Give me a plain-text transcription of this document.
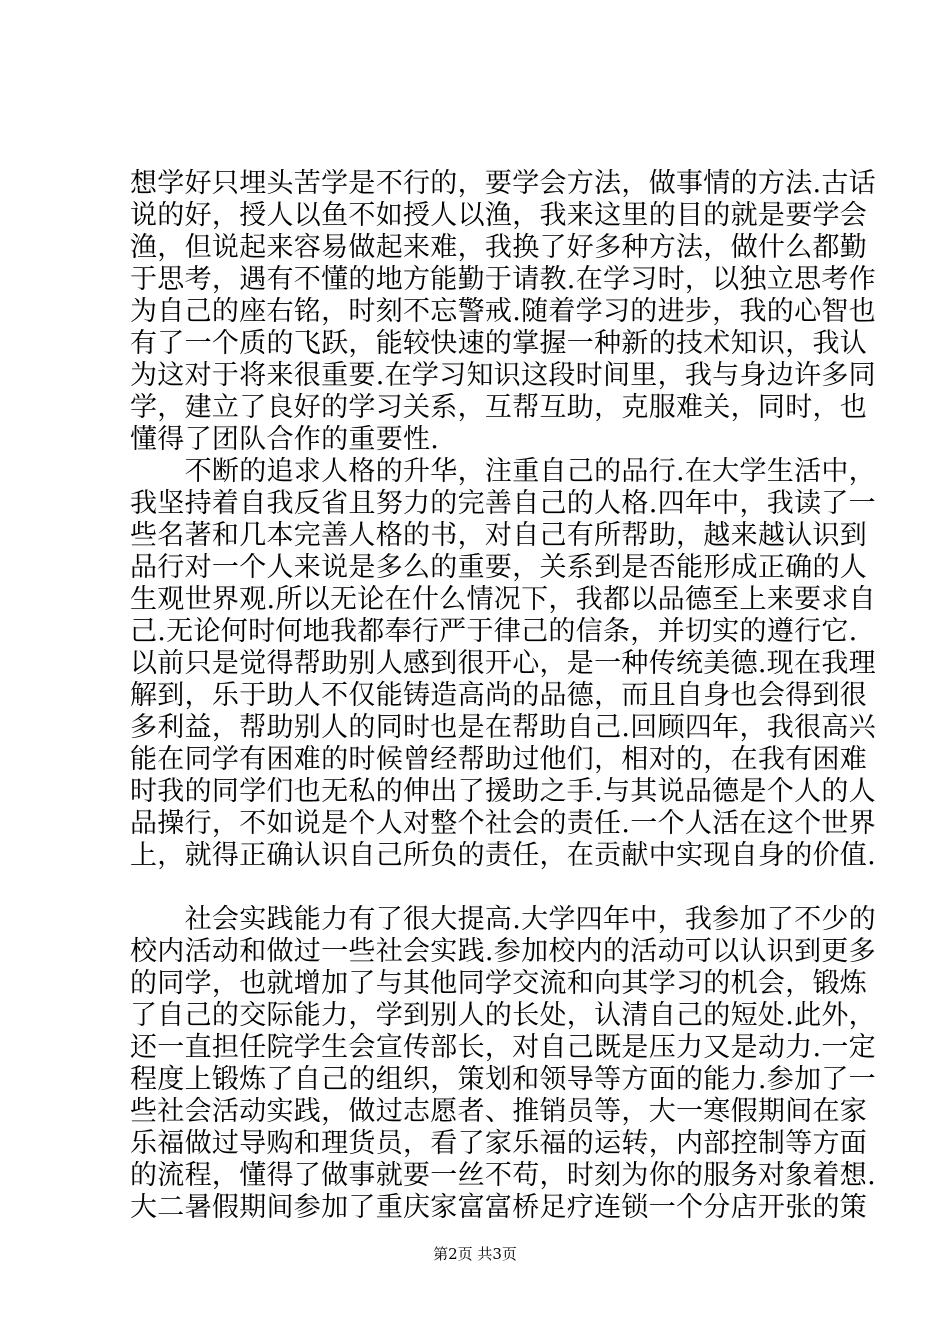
想学好只埋头苦学是不行的，要学会方法，做事情的方法.古话
说的好，授人以鱼不如授人以渔，我来这里的目的就是要学会
渔，但说起来容易做起来难，我换了好多种方法，做什么都勤
于思考，遇有不懂的地方能勤于请教.在学习时，以独立思考作
为自己的座右铭，时刻不忘警戒.随着学习的进步，我的心智也
有了一个质的飞跃，能较快速的掌握一种新的技术知识，我认
为这对于将来很重要.在学习知识这段时间里，我与身边许多同
学，建立了良好的学习关系，互帮互助，克服难关，同时，也
懂得了团队合作的重要性.
　　不断的追求人格的升华，注重自己的品行.在大学生活中，
我坚持着自我反省且努力的完善自己的人格.四年中，我读了一
些名著和几本完善人格的书，对自己有所帮助，越来越认识到
品行对一个人来说是多么的重要，关系到是否能形成正确的人
生观世界观.所以无论在什么情况下，我都以品德至上来要求自
己.无论何时何地我都奉行严于律己的信条，并切实的遵行它.
以前只是觉得帮助别人感到很开心，是一种传统美德.现在我理
解到，乐于助人不仅能铸造高尚的品德，而且自身也会得到很
多利益，帮助别人的同时也是在帮助自己.回顾四年，我很高兴
能在同学有困难的时候曾经帮助过他们，相对的，在我有困难
时我的同学们也无私的伸出了援助之手.与其说品德是个人的人
品操行，不如说是个人对整个社会的责任.一个人活在这个世界
上，就得正确认识自己所负的责任，在贡献中实现自身的价值.
　　社会实践能力有了很大提高.大学四年中，我参加了不少的
校内活动和做过一些社会实践.参加校内的活动可以认识到更多
的同学，也就增加了与其他同学交流和向其学习的机会，锻炼
了自己的交际能力，学到别人的长处，认清自己的短处.此外，
还一直担任院学生会宣传部长，对自己既是压力又是动力.一定
程度上锻炼了自己的组织，策划和领导等方面的能力.参加了一
些社会活动实践，做过志愿者、推销员等，大一寒假期间在家
乐福做过导购和理货员，看了家乐福的运转，内部控制等方面
的流程，懂得了做事就要一丝不苟，时刻为你的服务对象着想.
大二暑假期间参加了重庆家富富桥足疗连锁一个分店开张的策
第2页 共3页
